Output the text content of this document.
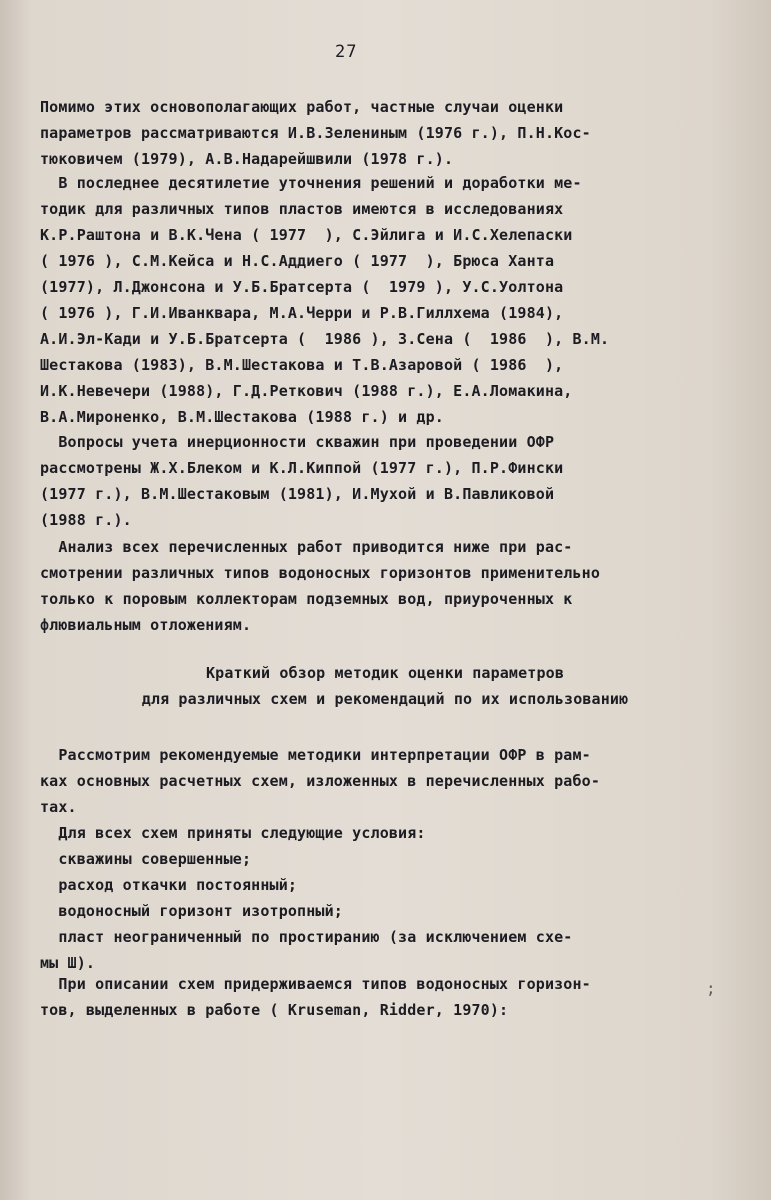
27
Помимо этих основополагающих работ, частные случаи оценки
параметров рассматриваются И.В.Зелениным (1976 г.), П.Н.Кос-
тюковичем (1979), А.В.Надарейшвили (1978 г.).
В последнее десятилетие уточнения решений и доработки ме-
тодик для различных типов пластов имеются в исследованиях
К.Р.Раштона и В.К.Чена ( 1977  ), С.Эйлига и И.С.Хелепаски
( 1976 ), С.М.Кейса и Н.С.Аддиего ( 1977  ), Брюса Ханта
(1977), Л.Джонсона и У.Б.Братсерта (  1979 ), У.С.Уолтона
( 1976 ), Г.И.Иванквара, М.А.Черри и Р.В.Гиллхема (1984),
А.И.Эл-Кади и У.Б.Братсерта (  1986 ), З.Сена (  1986  ), В.М.
Шестакова (1983), В.М.Шестакова и Т.В.Азаровой ( 1986  ),
И.К.Невечери (1988), Г.Д.Реткович (1988 г.), Е.А.Ломакина,
В.А.Мироненко, В.М.Шестакова (1988 г.) и др.
Вопросы учета инерционности скважин при проведении ОФР
рассмотрены Ж.Х.Блеком и К.Л.Киппой (1977 г.), П.Р.Фински
(1977 г.), В.М.Шестаковым (1981), И.Мухой и В.Павликовой
(1988 г.).
Анализ всех перечисленных работ приводится ниже при рас-
смотрении различных типов водоносных горизонтов применительно
только к поровым коллекторам подземных вод, приуроченных к
флювиальным отложениям.
Краткий обзор методик оценки параметров
для различных схем и рекомендаций по их использованию
Рассмотрим рекомендуемые методики интерпретации ОФР в рам-
ках основных расчетных схем, изложенных в перечисленных рабо-
тах.
Для всех схем приняты следующие условия:
скважины совершенные;
расход откачки постоянный;
водоносный горизонт изотропный;
пласт неограниченный по простиранию (за исключением схе-
мы Ш).
При описании схем придерживаемся типов водоносных горизон-
тов, выделенных в работе ( Kruseman, Ridder, 1970):
;
